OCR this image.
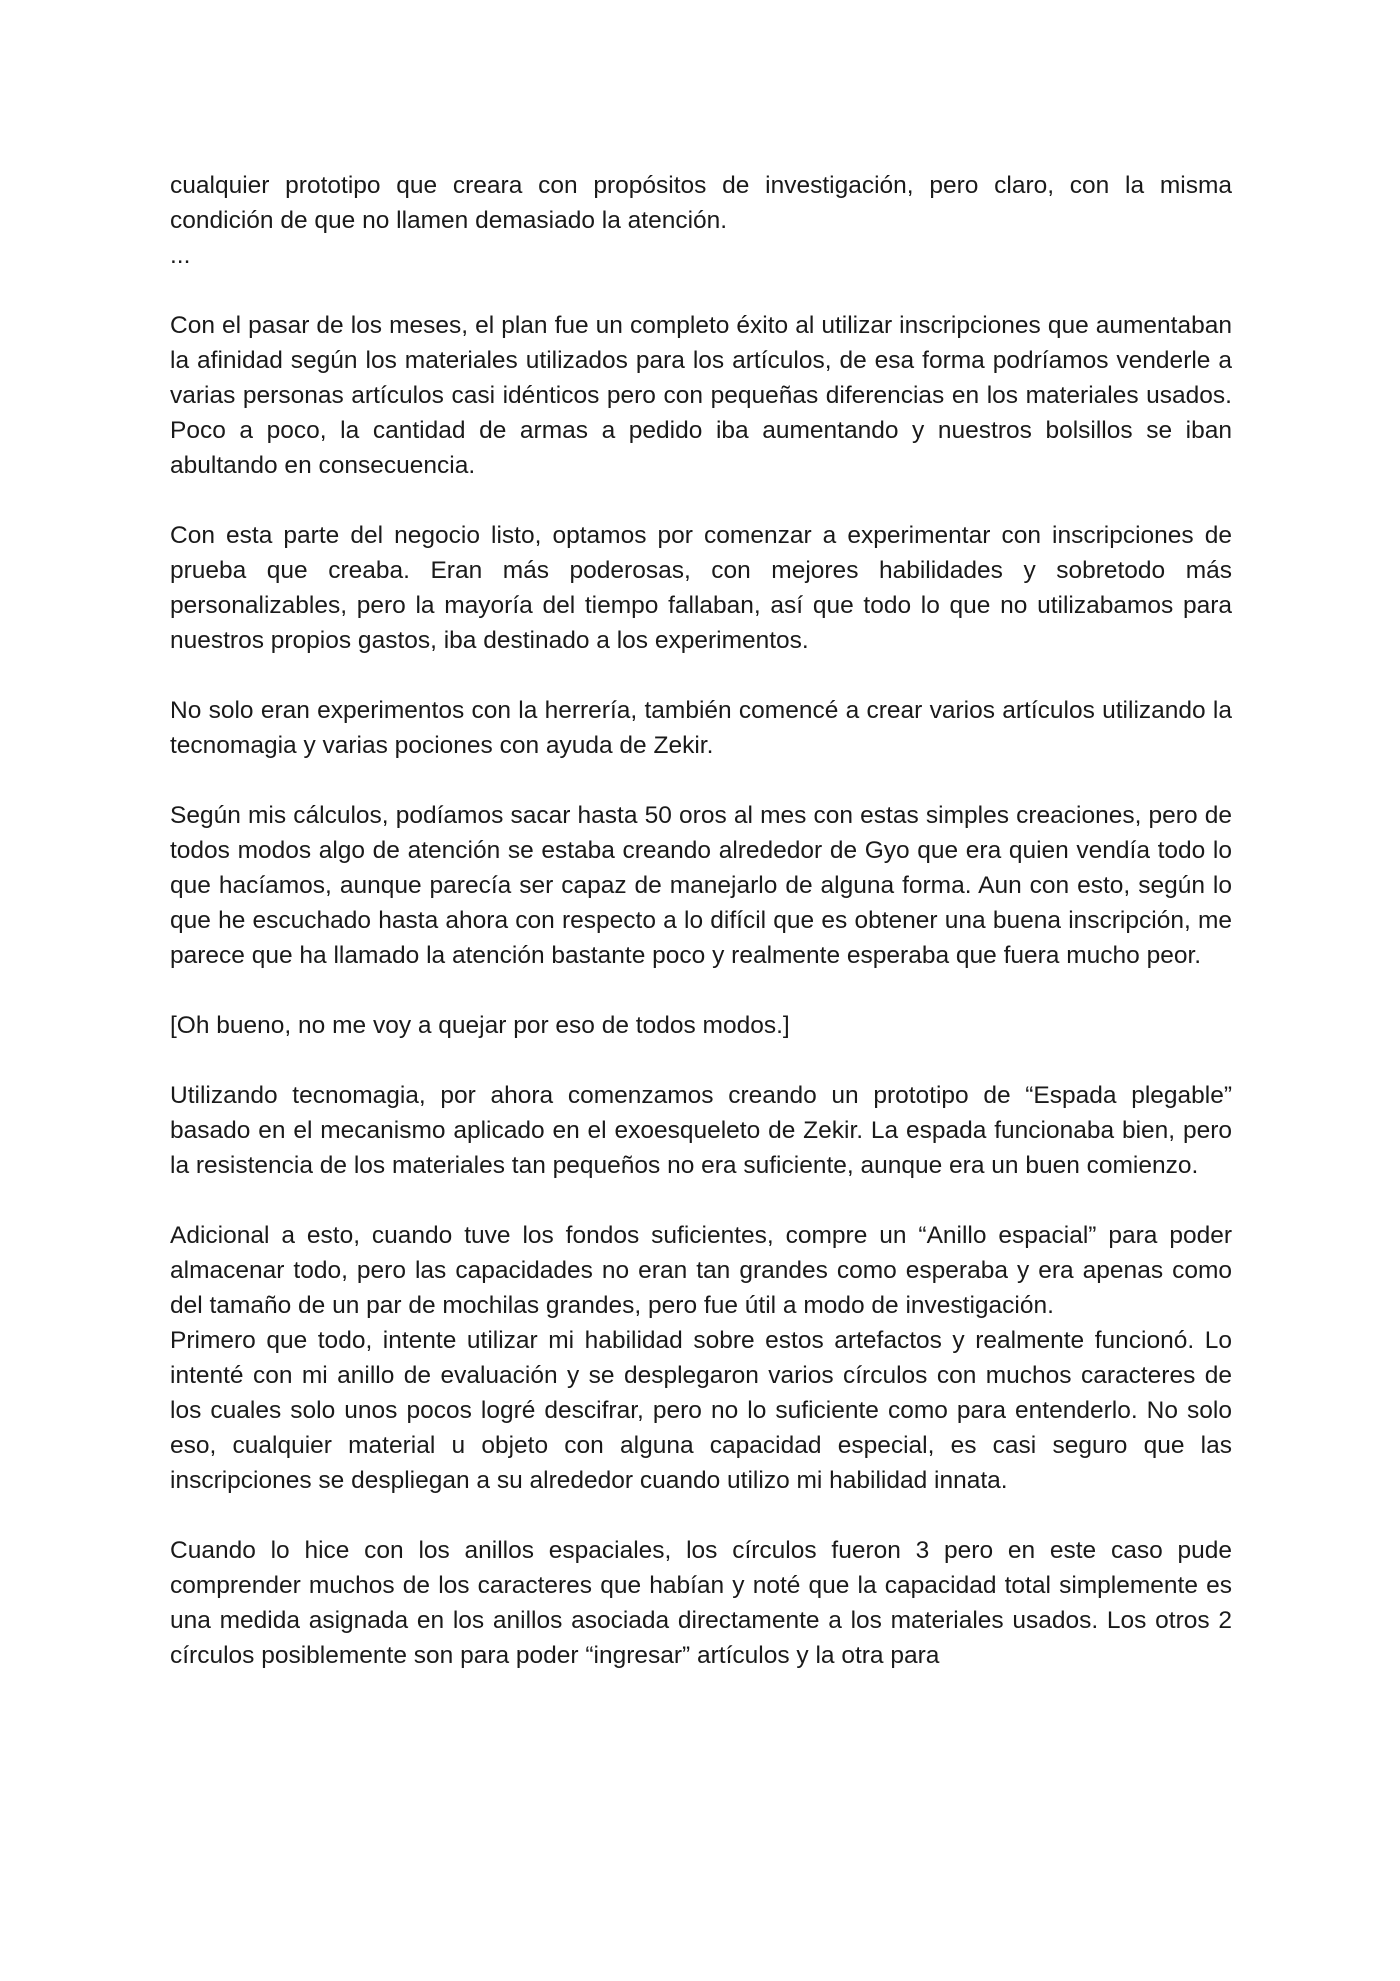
cualquier prototipo que creara con propósitos de investigación, pero claro, con la misma condición de que no llamen demasiado la atención.

...

Con el pasar de los meses, el plan fue un completo éxito al utilizar inscripciones que aumentaban la afinidad según los materiales utilizados para los artículos, de esa forma podríamos venderle a varias personas artículos casi idénticos pero con pequeñas diferencias en los materiales usados. Poco a poco, la cantidad de armas a pedido iba aumentando y nuestros bolsillos se iban abultando en consecuencia.

Con esta parte del negocio listo, optamos por comenzar a experimentar con inscripciones de prueba que creaba. Eran más poderosas, con mejores habilidades y sobretodo más personalizables, pero la mayoría del tiempo fallaban, así que todo lo que no utilizabamos para nuestros propios gastos, iba destinado a los experimentos.

No solo eran experimentos con la herrería, también comencé a crear varios artículos utilizando la tecnomagia y varias pociones con ayuda de Zekir.

Según mis cálculos, podíamos sacar hasta 50 oros al mes con estas simples creaciones, pero de todos modos algo de atención se estaba creando alrededor de Gyo que era quien vendía todo lo que hacíamos, aunque parecía ser capaz de manejarlo de alguna forma. Aun con esto, según lo que he escuchado hasta ahora con respecto a lo difícil que es obtener una buena inscripción, me parece que ha llamado la atención bastante poco y realmente esperaba que fuera mucho peor.

[Oh bueno, no me voy a quejar por eso de todos modos.]

Utilizando tecnomagia, por ahora comenzamos creando un prototipo de “Espada plegable” basado en el mecanismo aplicado en el exoesqueleto de Zekir. La espada funcionaba bien, pero la resistencia de los materiales tan pequeños no era suficiente, aunque era un buen comienzo.

Adicional a esto, cuando tuve los fondos suficientes, compre un “Anillo espacial” para poder almacenar todo, pero las capacidades no eran tan grandes como esperaba y era apenas como del tamaño de un par de mochilas grandes, pero fue útil a modo de investigación.

Primero que todo, intente utilizar mi habilidad sobre estos artefactos y realmente funcionó. Lo intenté con mi anillo de evaluación y se desplegaron varios círculos con muchos caracteres de los cuales solo unos pocos logré descifrar, pero no lo suficiente como para entenderlo. No solo eso, cualquier material u objeto con alguna capacidad especial, es casi seguro que las inscripciones se despliegan a su alrededor cuando utilizo mi habilidad innata.

Cuando lo hice con los anillos espaciales, los círculos fueron 3 pero en este caso pude comprender muchos de los caracteres que habían y noté que la capacidad total simplemente es una medida asignada en los anillos asociada directamente a los materiales usados. Los otros 2 círculos posiblemente son para poder “ingresar” artículos y la otra para
